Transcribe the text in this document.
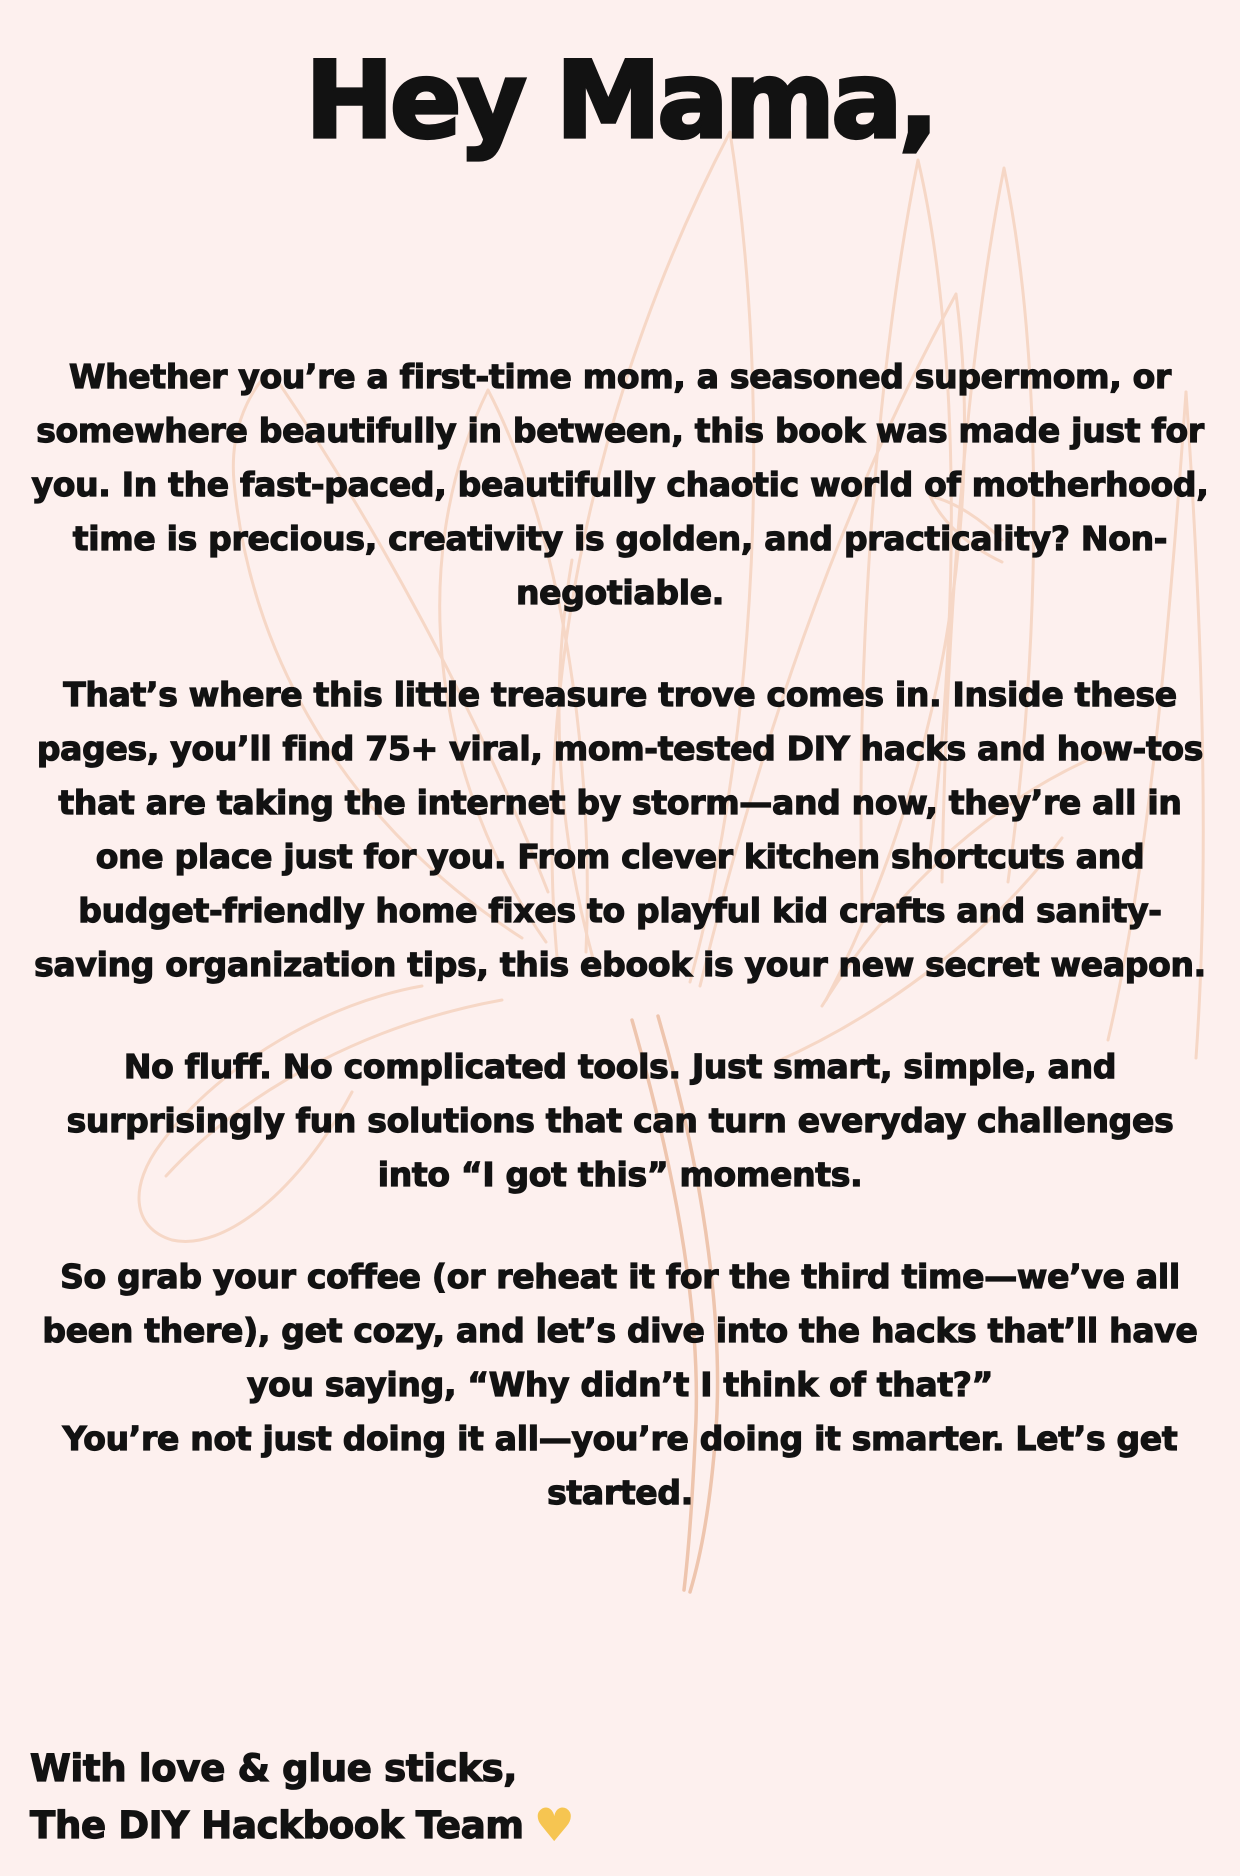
Hey Mama,

Whether you’re a first-time mom, a seasoned supermom, or somewhere beautifully in between, this book was made just for you. In the fast-paced, beautifully chaotic world of motherhood, time is precious, creativity is golden, and practicality? Non-negotiable.

That’s where this little treasure trove comes in. Inside these pages, you’ll find 75+ viral, mom-tested DIY hacks and how-tos that are taking the internet by storm—and now, they’re all in one place just for you. From clever kitchen shortcuts and budget-friendly home fixes to playful kid crafts and sanity-saving organization tips, this ebook is your new secret weapon.

No fluff. No complicated tools. Just smart, simple, and surprisingly fun solutions that can turn everyday challenges into “I got this” moments.

So grab your coffee (or reheat it for the third time—we’ve all been there), get cozy, and let’s dive into the hacks that’ll have you saying, “Why didn’t I think of that?”
You’re not just doing it all—you’re doing it smarter. Let’s get started.

With love & glue sticks,
The DIY Hackbook Team ♥
